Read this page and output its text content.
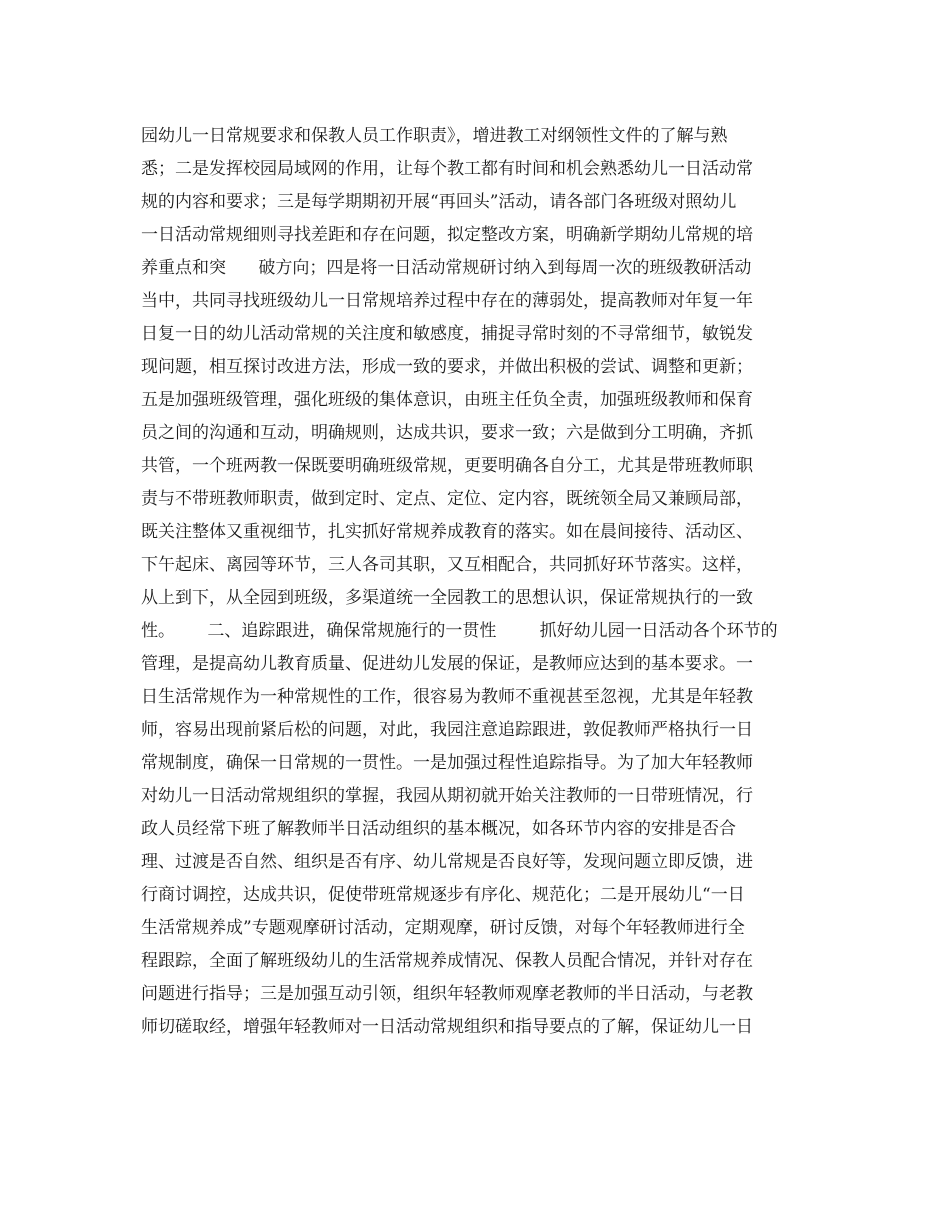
园幼儿一日常规要求和保教人员工作职责》，增进教工对纲领性文件的了解与熟
悉；二是发挥校园局域网的作用，让每个教工都有时间和机会熟悉幼儿一日活动常
规的内容和要求；三是每学期期初开展“再回头”活动，请各部门各班级对照幼儿
一日活动常规细则寻找差距和存在问题，拟定整改方案，明确新学期幼儿常规的培
养重点和突      破方向；四是将一日活动常规研讨纳入到每周一次的班级教研活动
当中，共同寻找班级幼儿一日常规培养过程中存在的薄弱处，提高教师对年复一年
日复一日的幼儿活动常规的关注度和敏感度，捕捉寻常时刻的不寻常细节，敏锐发
现问题，相互探讨改进方法，形成一致的要求，并做出积极的尝试、调整和更新；
五是加强班级管理，强化班级的集体意识，由班主任负全责，加强班级教师和保育
员之间的沟通和互动，明确规则，达成共识，要求一致；六是做到分工明确，齐抓
共管，一个班两教一保既要明确班级常规，更要明确各自分工，尤其是带班教师职
责与不带班教师职责，做到定时、定点、定位、定内容，既统领全局又兼顾局部，
既关注整体又重视细节，扎实抓好常规养成教育的落实。如在晨间接待、活动区、
下午起床、离园等环节，三人各司其职，又互相配合，共同抓好环节落实。这样，
从上到下，从全园到班级，多渠道统一全园教工的思想认识，保证常规执行的一致
性。      二、追踪跟进，确保常规施行的一贯性        抓好幼儿园一日活动各个环节的
管理，是提高幼儿教育质量、促进幼儿发展的保证，是教师应达到的基本要求。一
日生活常规作为一种常规性的工作，很容易为教师不重视甚至忽视，尤其是年轻教
师，容易出现前紧后松的问题，对此，我园注意追踪跟进，敦促教师严格执行一日
常规制度，确保一日常规的一贯性。一是加强过程性追踪指导。为了加大年轻教师
对幼儿一日活动常规组织的掌握，我园从期初就开始关注教师的一日带班情况，行
政人员经常下班了解教师半日活动组织的基本概况，如各环节内容的安排是否合
理、过渡是否自然、组织是否有序、幼儿常规是否良好等，发现问题立即反馈，进
行商讨调控，达成共识，促使带班常规逐步有序化、规范化；二是开展幼儿“一日
生活常规养成”专题观摩研讨活动，定期观摩，研讨反馈，对每个年轻教师进行全
程跟踪，全面了解班级幼儿的生活常规养成情况、保教人员配合情况，并针对存在
问题进行指导；三是加强互动引领，组织年轻教师观摩老教师的半日活动，与老教
师切磋取经，增强年轻教师对一日活动常规组织和指导要点的了解，保证幼儿一日
